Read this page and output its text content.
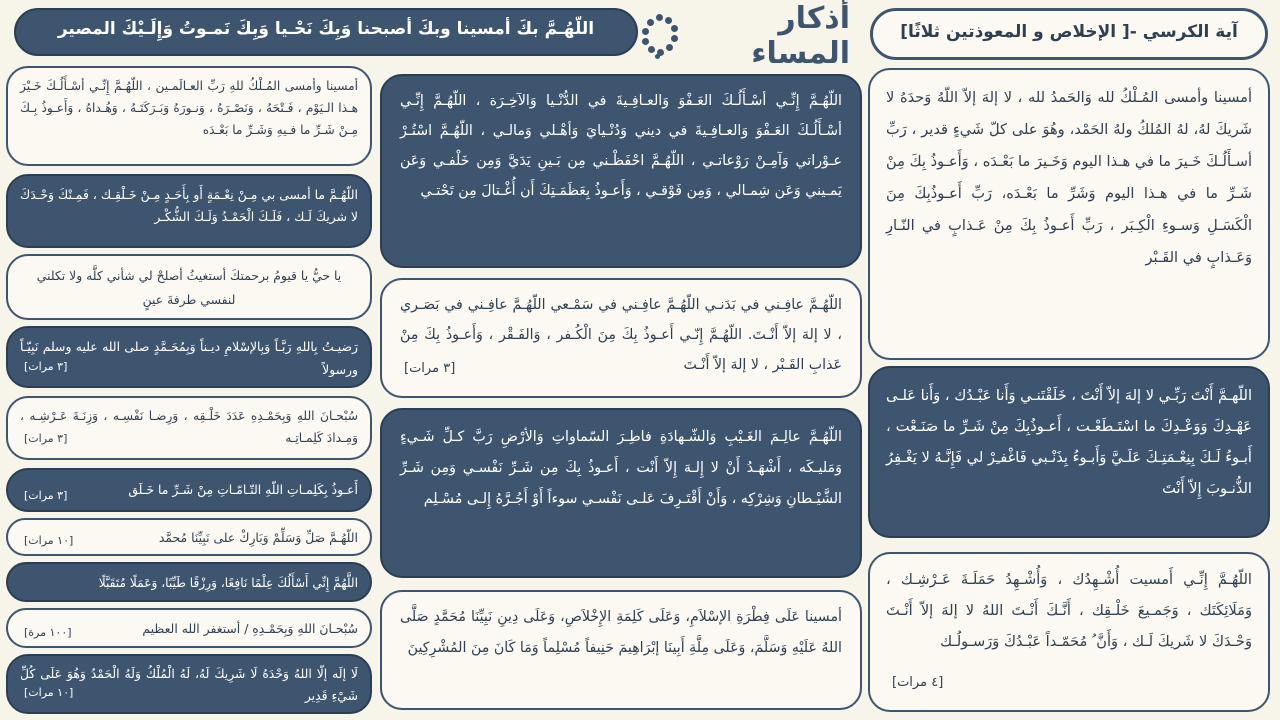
اللّهُـمَّ بكَ أمسينا وبكَ أصبحنا وَبِكَ نَحْـيا وَبِكَ نَمـوتُ وَإِلَـيْكَ المصير	أذكار المساء
آية الكرسي -[ الإخلاص و المعوذتين ثلاثًا]
أمسينا وأمسى المُـلْكُ لله وَالحَمدُ لله ، لا إلهَ إلاّ اللّهُ وَحدَهُ لا شَريكَ لهُ، لهُ المُلكُ ولهُ الحَمْد، وهُوَ على كلّ شَيءٍ قدير ، رَبِّ أسـأَلُـكَ خَـيرَ ما في هـذا اليوم وَخَـيرَ ما بَعْـدَه ، وَأَعـوذُ بِكَ مِنْ شَـرِّ ما في هـذا اليوم وَشَرِّ ما بَعْـدَه، رَبِّ أَعـوذُبِكَ مِنَ الْكَسَـلِ وَسـوءِ الْكِـبَر ، رَبِّ أَعـوذُ بِكَ مِنْ عَـذابٍ في النّـارِ وَعَـذابٍ في القَـبْر
اللّهـمَّ أَنْتَ رَبِّـي لا إلهَ إلاّ أَنْتَ ، خَلَقْتَنـي وَأَنا عَبْـدُك ، وَأَنا عَلـى عَهْـدِكَ وَوَعْـدِكَ ما اسْتَـطَعْـت ، أَعـوذُبِكَ مِنْ شَـرِّ ما صَنَـعْت ، أَبـوءُ لَـكَ بِنِعْـمَتِـكَ عَلَـيَّ وَأَبـوءُ بِذَنْـبي فَاغْفـِرْ لي فَإِنَّـهُ لا يَغْـفِرُ الذُّنـوبَ إِلاّ أَنْتَ
اللّهُـمَّ إِنِّـي أَمسيت أُشْـهِدُك ، وَأُشْـهِدُ حَمَلَـةَ عَـرْشِـك ، وَمَلَائِكَتَك ، وَجَمـيعَ خَلْـقِك ، أَنَّـكَ أَنْـتَ اللهُ لا إلهَ إلاّ أَنْـتَ وَحْـدَكَ لا شَريكَ لَـك ، وَأَنَّ ُ مُحَمّـداً عَبْـدُكَ وَرَسـولُـك
[ ٤ مرات]
اللّهُـمَّ إِنِّـي أسْـأَلُـكَ العَـفْوَ وَالعـافِـيةَ في الدُّنْـيا وَالآخِـرَة ، اللّهُـمَّ إِنِّـي أسْـأَلُـكَ العَـفْوَ وَالعـافِـيةَ في ديني وَدُنْـيايَ وَأهْـلي وَمالـي ، اللّهُـمَّ اسْتُـرْ عـوْراتي وَآمِـنْ رَوْعاتـي ، اللّهُـمَّ احْفَظْـني مِن بَـينِ يَدَيَّ وَمِن خَلْفـي وَعَن يَمـيني وَعَن شِمـالي ، وَمِن فَوْقـي ، وَأَعـوذُ بِعَظَمَـتِكَ أَن أُغْـتالَ مِن تَحْتـي
اللّهُـمَّ عافِـني في بَدَنـي اللّهُـمَّ عافِـني في سَمْـعي اللّهُـمَّ عافِـني في بَصَـري ، لا إلهَ إلاّ أَنْـتَ. اللّهُـمَّ إِنّـي أَعـوذُ بِكَ مِنَ الْكُـفر ، وَالفَـقْر ، وَأَعـوذُ بِكَ مِنْ عَذابِ القَـبْر ، لا إلهَ إلاّ أَنْـتَ
[ ٣ مرات]
اللّهُـمَّ عالِـمَ الغَـيْبِ وَالشّـهادَةِ فاطِـرَ السّماواتِ وَالأرْضِ رَبَّ كـلِّ شَـيءٍ وَمَليـكَه ، أَشْهَـدُ أَنْ لا إِلـهَ إِلاّ أَنْت ، أَعـوذُ بِكَ مِن شَـرِّ نَفْسـي وَمِن شَـرِّ الشَّيْـطانِ وَشِرْكِه ، وَأَنْ أَقْتَـرِفَ عَلـى نَفْسـي سوءاً أَوْ أَجُـرَّهُ إِلـى مُسْـلِم
أمسينا عَلَى فِطْرَةِ الإسْلاَمِ، وَعَلَى كَلِمَةِ الإِخْلاَصِ، وَعَلَى دِينِ نَبِيِّنَا مُحَمَّدٍ صَلَّى اللهُ عَلَيْهِ وَسَلَّمَ، وَعَلَى مِلَّةِ أَبِينَا إبْرَاهِيمَ حَنِيفاً مُسْلِماً وَمَا كَانَ مِنَ المُشْرِكِينَ
أمسينا وأمسى المُـلْكُ للهِ رَبِّ العـالَمـين ، اللّهُـمَّ إِنِّـي أسْـأَلُـكَ خَـيْرَ هـذا الـيَوْم ، فَـتْحَهُ ، وَنَصْـرَهُ ، وَنـورَهُ وَبَـرَكَتَـهُ ، وَهُـداهُ ، وَأَعـوذُ بِـكَ مِـنْ شَـرِّ ما فـيهِ وَشَـرِّ ما بَعْـدَه
اللّهُـمَّ ما أمسى بي مِـنْ نِعْـمَةٍ أَو بِأَحَـدٍ مِـنْ خَـلْقِـك ، فَمِـنْكَ وَحْـدَكَ لا شريكَ لَـك ، فَلَـكَ الْحَمْـدُ وَلَـكَ الشُّكْـر
يا حيُّ يا قيومُ برحمتكَ أستغيثُ أصلحْ لي شأني كلَّه ولا تكلني لنفسي طرفةَ عينٍ
رَضيـتُ بِاللهِ رَبَّـاً وَبِالإسْلامِ ديـناً وَبِمُحَـمَّدٍ صلى الله عليه وسلم نَبِيّـاً ورسولاً
[ ٣ مرات]
سُبْحـانَ اللهِ وَبِحَمْـدِهِ عَدَدَ خَلْـقِه ، وَرِضـا نَفْسِـه ، وَزِنَـةَ عَـرْشِـه ، وَمِـدادَ كَلِمـاتِـه
[ ٣ مرات]
أَعـوذُ بِكَلِمـاتِ اللّهِ التّـامّـاتِ مِنْ شَـرِّ ما خَـلَق
[ ٣ مرات]
اللّهُـمَّ صَلِّ وَسَلِّمْ وَبَارِكْ على نَبِيِّنَا مُحمَّد
[ ١٠ مرات]
اللَّهُمَّ إِنِّي أَسْأَلُكَ عِلْمًا نَافِعًا، وَرِزْقًا طَيِّبًا، وَعَمَلًا مُتَقَبَّلًا
سُبْحـانَ اللهِ وَبِحَمْـدِهِ / أستغفر الله العظيم
[ ١٠٠ مرة]
لَا إلَه إلّا اللهُ وَحْدَهُ لَا شَرِيكَ لَهُ، لَهُ الْمُلْكُ وَلَهُ الْحَمْدُ وَهُوَ عَلَى كُلِّ شَيْءِ قَدِير
[ ١٠ مرات]
